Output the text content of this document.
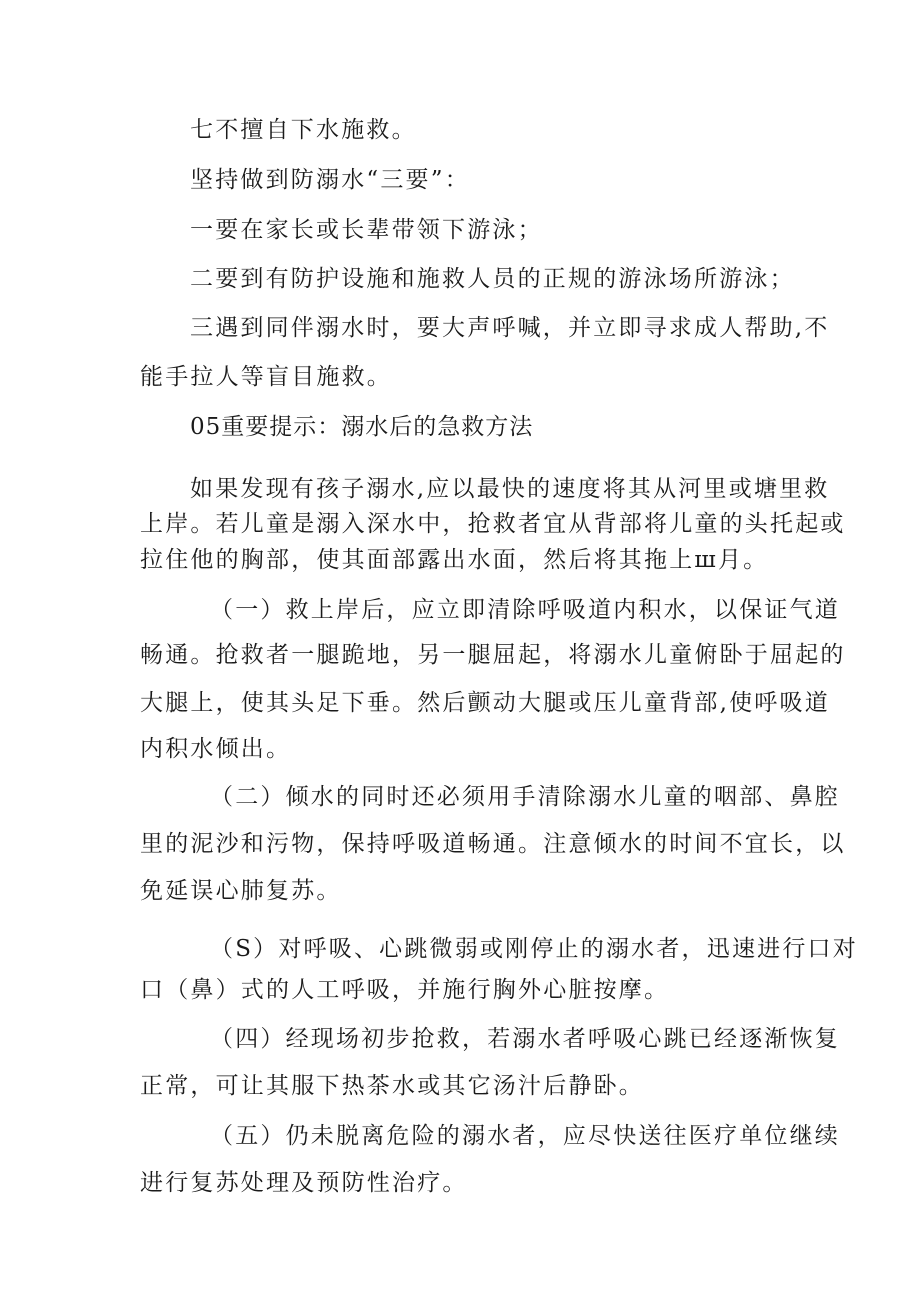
七不擅自下水施救。
坚持做到防溺水“三要”：
一要在家长或长辈带领下游泳；
二要到有防护设施和施救人员的正规的游泳场所游泳；
三遇到同伴溺水时，要大声呼喊，并立即寻求成人帮助,不
能手拉人等盲目施救。
05重要提示：溺水后的急救方法
如果发现有孩子溺水,应以最快的速度将其从河里或塘里救
上岸。若儿童是溺入深水中，抢救者宜从背部将儿童的头托起或
拉住他的胸部，使其面部露出水面，然后将其拖上ш月。
（一）救上岸后，应立即清除呼吸道内积水，以保证气道
畅通。抢救者一腿跪地，另一腿屈起，将溺水儿童俯卧于屈起的
大腿上，使其头足下垂。然后颤动大腿或压儿童背部,使呼吸道
内积水倾出。
（二）倾水的同时还必须用手清除溺水儿童的咽部、鼻腔
里的泥沙和污物，保持呼吸道畅通。注意倾水的时间不宜长，以
免延误心肺复苏。
（S）对呼吸、心跳微弱或刚停止的溺水者，迅速进行口对
口（鼻）式的人工呼吸，并施行胸外心脏按摩。
（四）经现场初步抢救，若溺水者呼吸心跳已经逐渐恢复
正常，可让其服下热茶水或其它汤汁后静卧。
（五）仍未脱离危险的溺水者，应尽快送往医疗单位继续
进行复苏处理及预防性治疗。
